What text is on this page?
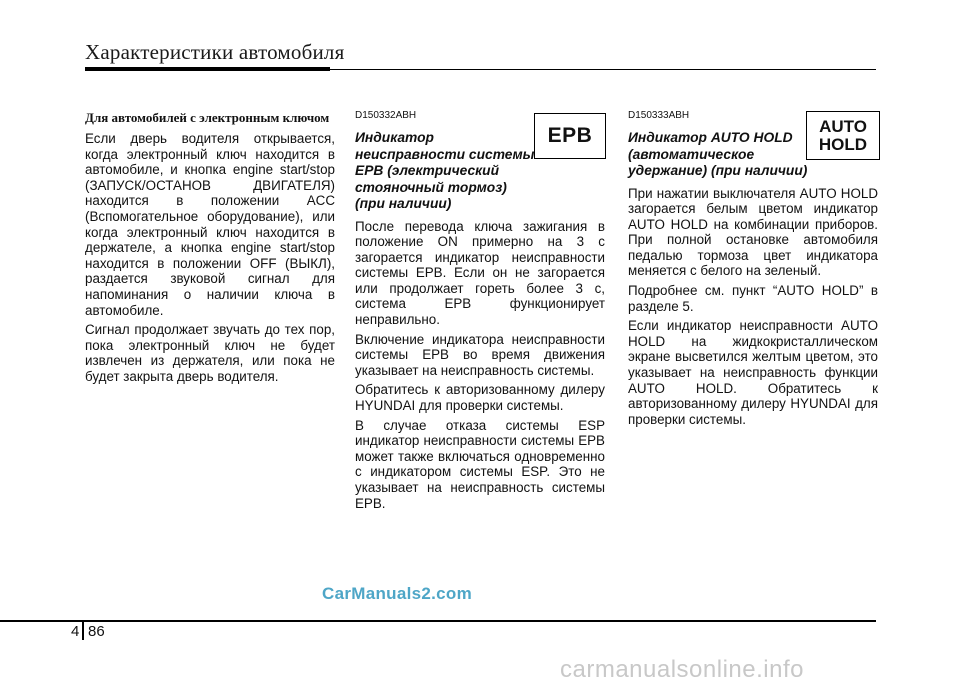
Характеристики автомобиля
Для автомобилей с электронным ключом

Если дверь водителя открывается, когда электронный ключ находится в автомобиле, и кнопка engine start/stop (ЗАПУСК/ОСТАНОВ ДВИГАТЕЛЯ) находится в положении ACC (Вспомогательное оборудование), или когда электронный ключ находится в держателе, а кнопка engine start/stop находится в положении OFF (ВЫКЛ), раздается звуковой сигнал для напоминания о наличии ключа в автомобиле.

Сигнал продолжает звучать до тех пор, пока электронный ключ не будет извлечен из держателя, или пока не будет закрыта дверь водителя.

D150332ABH
Индикатор неисправности системы EPB (электрический стояночный тормоз) (при наличии)

После перевода ключа зажигания в положение ON примерно на 3 с загорается индикатор неисправности системы EPB. Если он не загорается или продолжает гореть более 3 с, система EPB функционирует неправильно.

Включение индикатора неисправности системы EPB во время движения указывает на неисправность системы.

Обратитесь к авторизованному дилеру HYUNDAI для проверки системы.

В случае отказа системы ESP индикатор неисправности системы EPB может также включаться одновременно с индикатором системы ESP. Это не указывает на неисправность системы EPB.

EPB
D150333ABH
Индикатор AUTO HOLD (автоматическое удержание) (при наличии)

При нажатии выключателя AUTO HOLD загорается белым цветом индикатор AUTO HOLD на комбинации приборов. При полной остановке автомобиля педалью тормоза цвет индикатора меняется с белого на зеленый.

Подробнее см. пункт “AUTO HOLD” в разделе 5.

Если индикатор неисправности AUTO HOLD на жидкокристаллическом экране высветился желтым цветом, это указывает на неисправность функции AUTO HOLD. Обратитесь к авторизованному дилеру HYUNDAI для проверки системы.

AUTO
HOLD
CarManuals2.com
4 86
carmanualsonline.info
